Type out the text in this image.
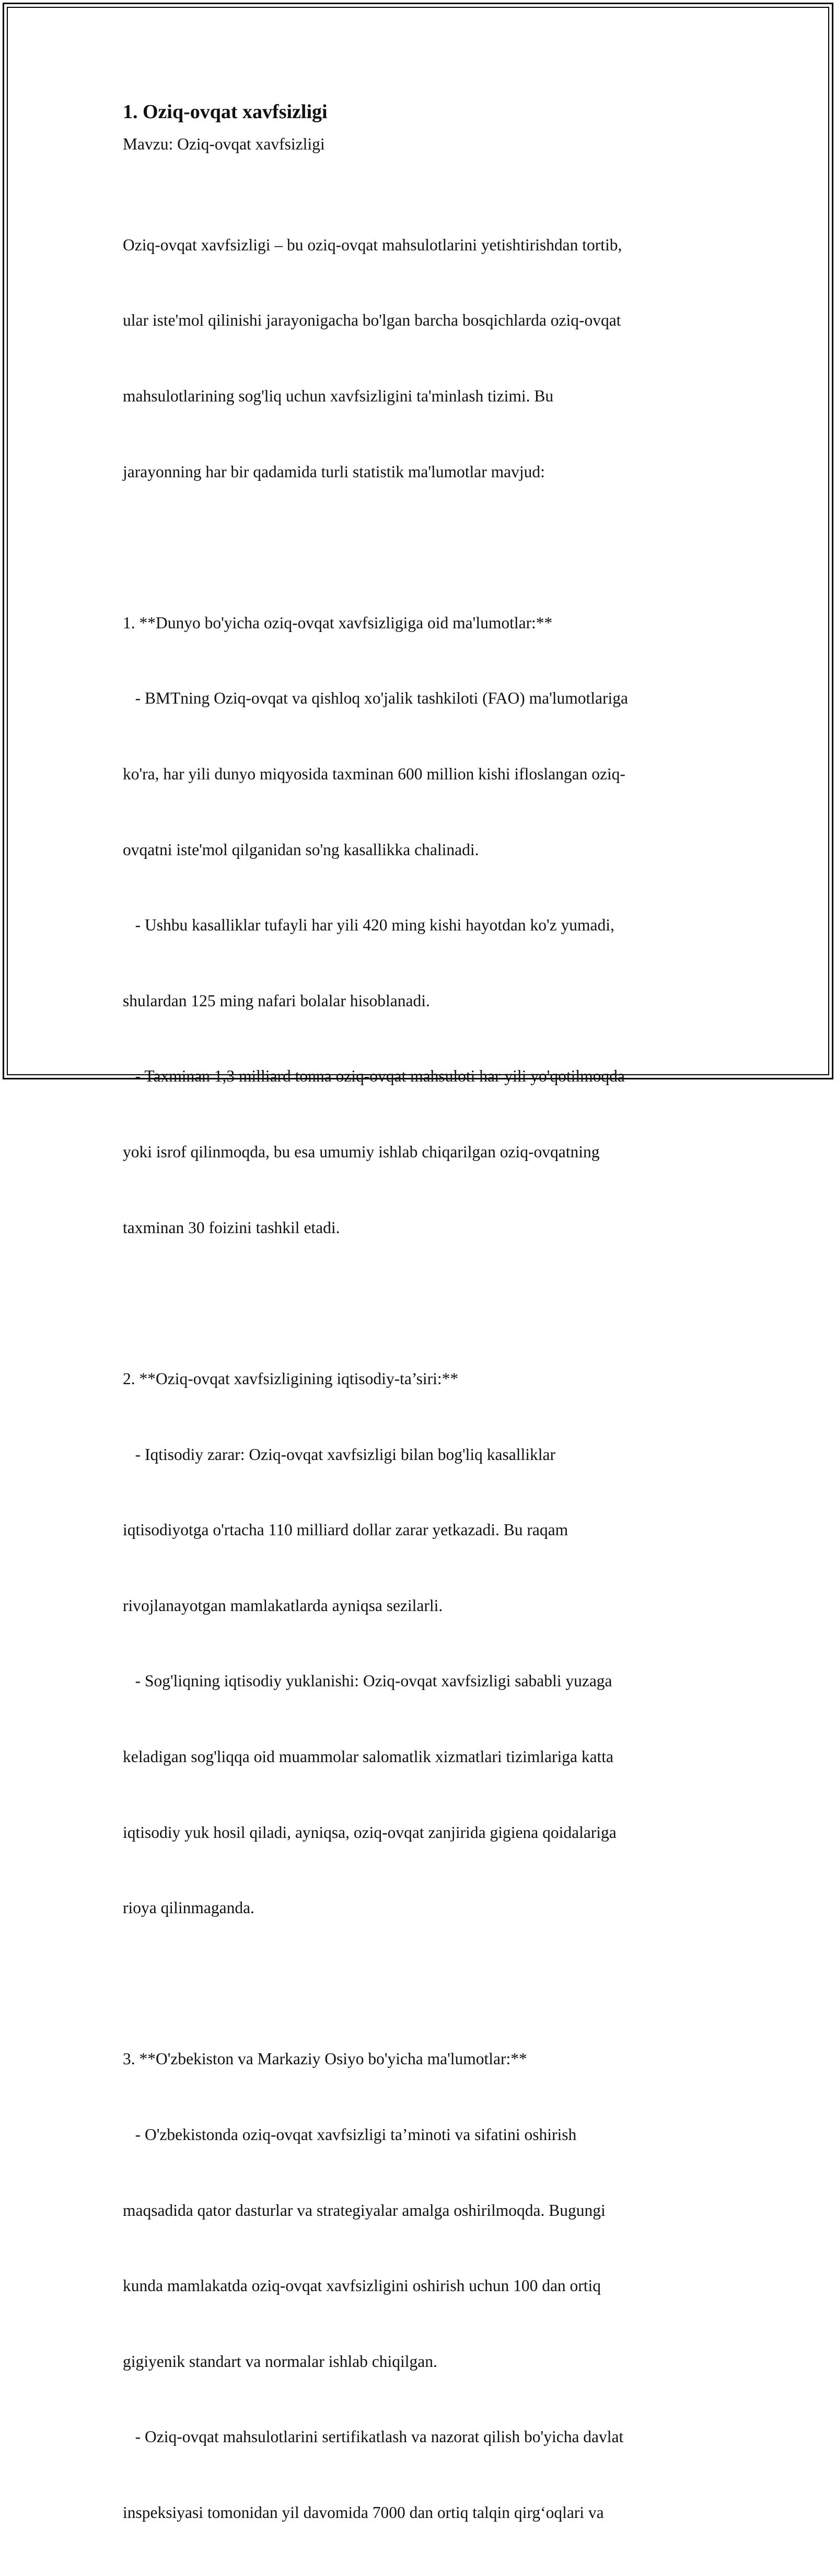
1. Oziq-ovqat xavfsizligi

Mavzu: Oziq-ovqat xavfsizligi

Oziq-ovqat xavfsizligi – bu oziq-ovqat mahsulotlarini yetishtirishdan tortib,

ular iste'mol qilinishi jarayonigacha bo'lgan barcha bosqichlarda oziq-ovqat

mahsulotlarining sog'liq uchun xavfsizligini ta'minlash tizimi. Bu

jarayonning har bir qadamida turli statistik ma'lumotlar mavjud:

1. **Dunyo bo'yicha oziq-ovqat xavfsizligiga oid ma'lumotlar:**

- BMTning Oziq-ovqat va qishloq xo'jalik tashkiloti (FAO) ma'lumotlariga

ko'ra, har yili dunyo miqyosida taxminan 600 million kishi ifloslangan oziq-

ovqatni iste'mol qilganidan so'ng kasallikka chalinadi.

- Ushbu kasalliklar tufayli har yili 420 ming kishi hayotdan ko'z yumadi,

shulardan 125 ming nafari bolalar hisoblanadi.

- Taxminan 1,3 milliard tonna oziq-ovqat mahsuloti har yili yo'qotilmoqda

yoki isrof qilinmoqda, bu esa umumiy ishlab chiqarilgan oziq-ovqatning

taxminan 30 foizini tashkil etadi.

2. **Oziq-ovqat xavfsizligining iqtisodiy-ta’siri:**

- Iqtisodiy zarar: Oziq-ovqat xavfsizligi bilan bog'liq kasalliklar

iqtisodiyotga o'rtacha 110 milliard dollar zarar yetkazadi. Bu raqam

rivojlanayotgan mamlakatlarda ayniqsa sezilarli.

- Sog'liqning iqtisodiy yuklanishi: Oziq-ovqat xavfsizligi sababli yuzaga

keladigan sog'liqqa oid muammolar salomatlik xizmatlari tizimlariga katta

iqtisodiy yuk hosil qiladi, ayniqsa, oziq-ovqat zanjirida gigiena qoidalariga

rioya qilinmaganda.

3. **O'zbekiston va Markaziy Osiyo bo'yicha ma'lumotlar:**

- O'zbekistonda oziq-ovqat xavfsizligi ta’minoti va sifatini oshirish

maqsadida qator dasturlar va strategiyalar amalga oshirilmoqda. Bugungi

kunda mamlakatda oziq-ovqat xavfsizligini oshirish uchun 100 dan ortiq

gigiyenik standart va normalar ishlab chiqilgan.

- Oziq-ovqat mahsulotlarini sertifikatlash va nazorat qilish bo'yicha davlat

inspeksiyasi tomonidan yil davomida 7000 dan ortiq talqin qirg‘oqlari va
